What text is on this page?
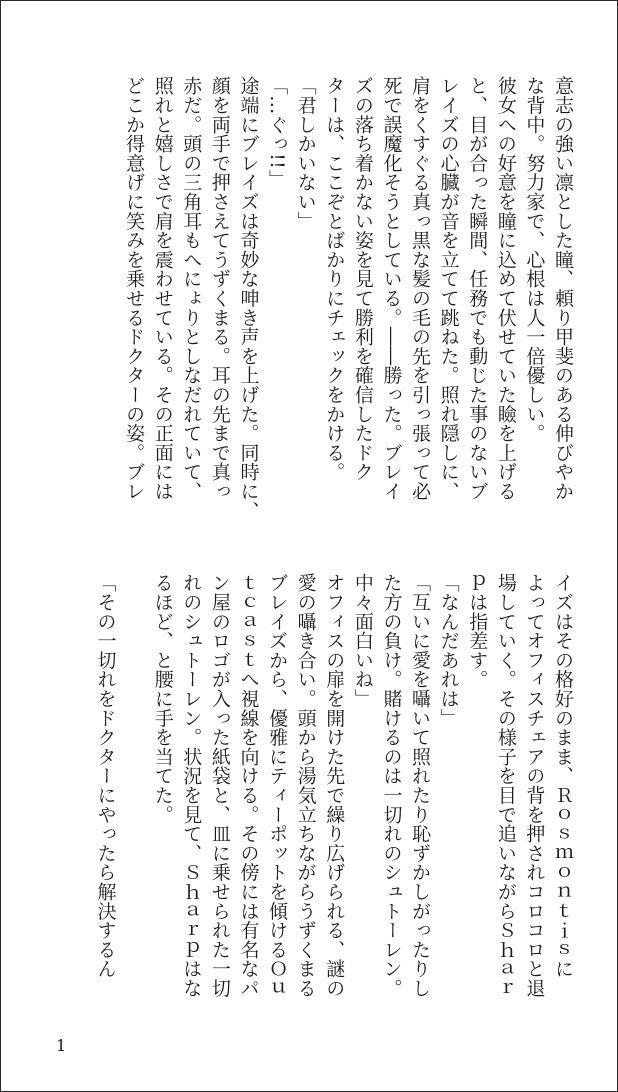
意志の強い凛とした瞳、頼り甲斐のある伸びやか
な背中。努力家で、心根は人一倍優しい。
彼女への好意を瞳に込めて伏せていた瞼を上げる
と、目が合った瞬間、任務でも動じた事のないブ
レイズの心臓が音を立てて跳ねた。照れ隠しに、
肩をくすぐる真っ黒な髪の毛の先を引っ張って必
死で誤魔化そうとしている。――勝った。ブレイ
ズの落ち着かない姿を見て勝利を確信したドク
ターは、ここぞとばかりにチェックをかける。
「君しかいない」
「…ぐっ!!」
途端にブレイズは奇妙な呻き声を上げた。同時に、
顔を両手で押さえてうずくまる。耳の先まで真っ
赤だ。頭の三角耳もへにょりとしなだれていて、
照れと嬉しさで肩を震わせている。その正面には
どこか得意げに笑みを乗せるドクターの姿。ブレ
イズはその格好のまま、Ｒｏｓｍｏｎｔｉｓに
よってオフィスチェアの背を押されコロコロと退
場していく。その様子を目で追いながらＳｈａｒ
ｐは指差す。
「なんだあれは」
「互いに愛を囁いて照れたり恥ずかしがったりし
た方の負け。賭けるのは一切れのシュトーレン。
中々面白いね」
オフィスの扉を開けた先で繰り広げられる、謎の
愛の囁き合い。頭から湯気立ちながらうずくまる
ブレイズから、優雅にティーポットを傾けるＯｕ
ｔｃａｓｔへ視線を向ける。その傍には有名なパ
ン屋のロゴが入った紙袋と、皿に乗せられた一切
れのシュトーレン。状況を見て、Ｓｈａｒｐはな
るほど、と腰に手を当てた。
「その一切れをドクターにやったら解決するん
1
